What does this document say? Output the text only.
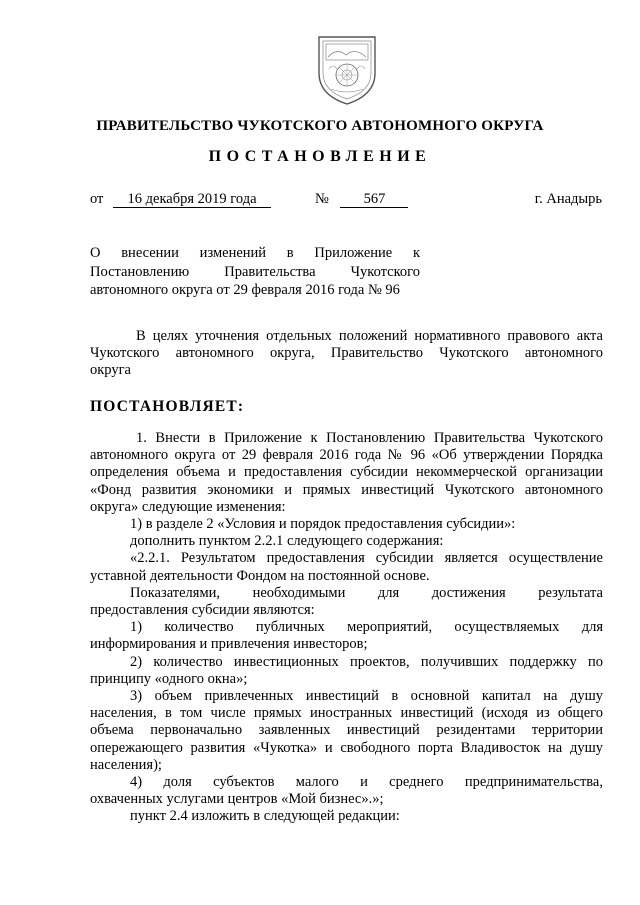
ПРАВИТЕЛЬСТВО ЧУКОТСКОГО АВТОНОМНОГО ОКРУГА
ПОСТАНОВЛЕНИЕ
от 16 декабря 2019 года	№ 567	г. Анадырь
О внесении изменений в Приложение к
Постановлению Правительства Чукотского
автономного округа от 29 февраля 2016 года № 96
В целях уточнения отдельных положений нормативного правового акта
Чукотского автономного округа, Правительство Чукотского автономного
округа
ПОСТАНОВЛЯЕТ:
1. Внести в Приложение к Постановлению Правительства Чукотского
автономного округа от 29 февраля 2016 года № 96 «Об утверждении Порядка
определения объема и предоставления субсидии некоммерческой организации
«Фонд развития экономики и прямых инвестиций Чукотского автономного
округа» следующие изменения:
1) в разделе 2 «Условия и порядок предоставления субсидии»:
дополнить пунктом 2.2.1 следующего содержания:
«2.2.1. Результатом предоставления субсидии является осуществление
уставной деятельности Фондом на постоянной основе.
Показателями, необходимыми для достижения результата
предоставления субсидии являются:
1) количество публичных мероприятий, осуществляемых для
информирования и привлечения инвесторов;
2) количество инвестиционных проектов, получивших поддержку по
принципу «одного окна»;
3) объем привлеченных инвестиций в основной капитал на душу
населения, в том числе прямых иностранных инвестиций (исходя из общего
объема первоначально заявленных инвестиций резидентами территории
опережающего развития «Чукотка» и свободного порта Владивосток на душу
населения);
4) доля субъектов малого и среднего предпринимательства,
охваченных услугами центров «Мой бизнес».»;
пункт 2.4 изложить в следующей редакции:
